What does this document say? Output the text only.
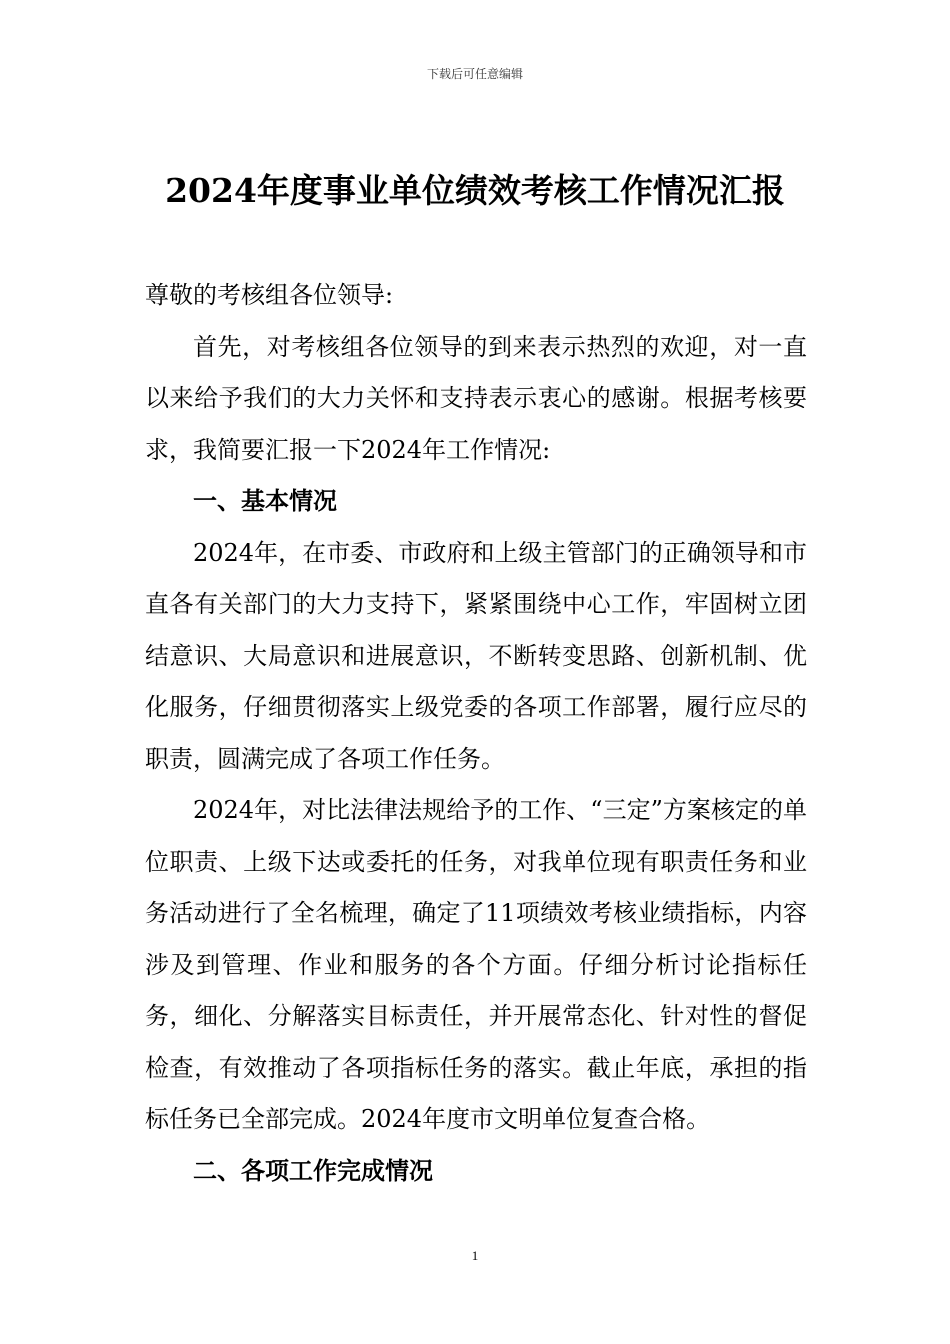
下载后可任意编辑
2024年度事业单位绩效考核工作情况汇报

尊敬的考核组各位领导:

首先，对考核组各位领导的到来表示热烈的欢迎，对一直以来给予我们的大力关怀和支持表示衷心的感谢。根据考核要求，我简要汇报一下2024年工作情况:

一、基本情况

2024年，在市委、市政府和上级主管部门的正确领导和市直各有关部门的大力支持下，紧紧围绕中心工作，牢固树立团结意识、大局意识和进展意识，不断转变思路、创新机制、优化服务，仔细贯彻落实上级党委的各项工作部署，履行应尽的职责，圆满完成了各项工作任务。

2024年，对比法律法规给予的工作、“三定”方案核定的单位职责、上级下达或委托的任务，对我单位现有职责任务和业务活动进行了全名梳理，确定了11项绩效考核业绩指标，内容涉及到管理、作业和服务的各个方面。仔细分析讨论指标任务，细化、分解落实目标责任，并开展常态化、针对性的督促检查，有效推动了各项指标任务的落实。截止年底，承担的指标任务已全部完成。2024年度市文明单位复查合格。

二、各项工作完成情况
1
